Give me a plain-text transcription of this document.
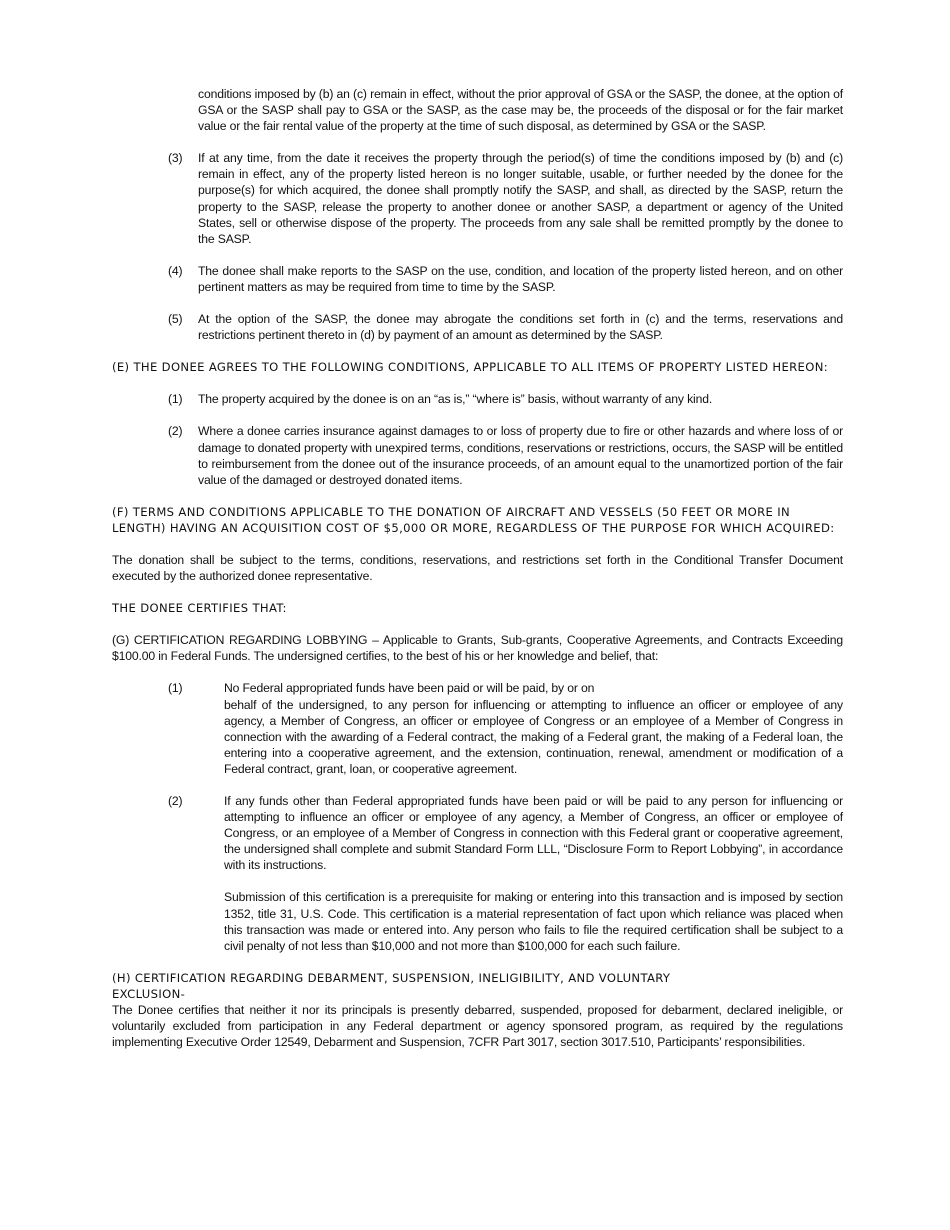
conditions imposed by (b) an (c) remain in effect, without the prior approval of GSA or the SASP, the donee, at the option of GSA or the SASP shall pay to GSA or the SASP, as the case may be, the proceeds of the disposal or for the fair market value or the fair rental value of the property at the time of such disposal, as determined by GSA or the SASP.

(3)	If at any time, from the date it receives the property through the period(s) of time the conditions imposed by (b) and (c) remain in effect, any of the property listed hereon is no longer suitable, usable, or further needed by the donee for the purpose(s) for which acquired, the donee shall promptly notify the SASP, and shall, as directed by the SASP, return the property to the SASP, release the property to another donee or another SASP, a department or agency of the United States, sell or otherwise dispose of the property. The proceeds from any sale shall be remitted promptly by the donee to the SASP.
(4)	The donee shall make reports to the SASP on the use, condition, and location of the property listed hereon, and on other pertinent matters as may be required from time to time by the SASP.
(5)	At the option of the SASP, the donee may abrogate the conditions set forth in (c) and the terms, reservations and restrictions pertinent thereto in (d) by payment of an amount as determined by the SASP.

(E) THE DONEE AGREES TO THE FOLLOWING CONDITIONS, APPLICABLE TO ALL ITEMS OF PROPERTY LISTED HEREON:

(1)	The property acquired by the donee is on an “as is,” “where is” basis, without warranty of any kind.
(2)	Where a donee carries insurance against damages to or loss of property due to fire or other hazards and where loss of or damage to donated property with unexpired terms, conditions, reservations or restrictions, occurs, the SASP will be entitled to reimbursement from the donee out of the insurance proceeds, of an amount equal to the unamortized portion of the fair value of the damaged or destroyed donated items.

(F) TERMS AND CONDITIONS APPLICABLE TO THE DONATION OF AIRCRAFT AND VESSELS (50 FEET OR MORE IN LENGTH) HAVING AN ACQUISITION COST OF $5,000 OR MORE, REGARDLESS OF THE PURPOSE FOR WHICH ACQUIRED:

The donation shall be subject to the terms, conditions, reservations, and restrictions set forth in the Conditional Transfer Document executed by the authorized donee representative.

THE DONEE CERTIFIES THAT:

(G) CERTIFICATION REGARDING LOBBYING – Applicable to Grants, Sub-grants, Cooperative Agreements, and Contracts Exceeding $100.00 in Federal Funds. The undersigned certifies, to the best of his or her knowledge and belief, that:

(1)	No Federal appropriated funds have been paid or will be paid, by or on
behalf of the undersigned, to any person for influencing or attempting to influence an officer or employee of any agency, a Member of Congress, an officer or employee of Congress or an employee of a Member of Congress in connection with the awarding of a Federal contract, the making of a Federal grant, the making of a Federal loan, the entering into a cooperative agreement, and the extension, continuation, renewal, amendment or modification of a Federal contract, grant, loan, or cooperative agreement.
(2)	If any funds other than Federal appropriated funds have been paid or will be paid to any person for influencing or attempting to influence an officer or employee of any agency, a Member of Congress, an officer or employee of Congress, or an employee of a Member of Congress in connection with this Federal grant or cooperative agreement, the undersigned shall complete and submit Standard Form LLL, “Disclosure Form to Report Lobbying”, in accordance with its instructions.

Submission of this certification is a prerequisite for making or entering into this transaction and is imposed by section 1352, title 31, U.S. Code. This certification is a material representation of fact upon which reliance was placed when this transaction was made or entered into. Any person who fails to file the required certification shall be subject to a civil penalty of not less than $10,000 and not more than $100,000 for each such failure.

(H) CERTIFICATION REGARDING DEBARMENT, SUSPENSION, INELIGIBILITY, AND VOLUNTARY
EXCLUSION-

The Donee certifies that neither it nor its principals is presently debarred, suspended, proposed for debarment, declared ineligible, or voluntarily excluded from participation in any Federal department or agency sponsored program, as required by the regulations implementing Executive Order 12549, Debarment and Suspension, 7CFR Part 3017, section 3017.510, Participants’ responsibilities.
